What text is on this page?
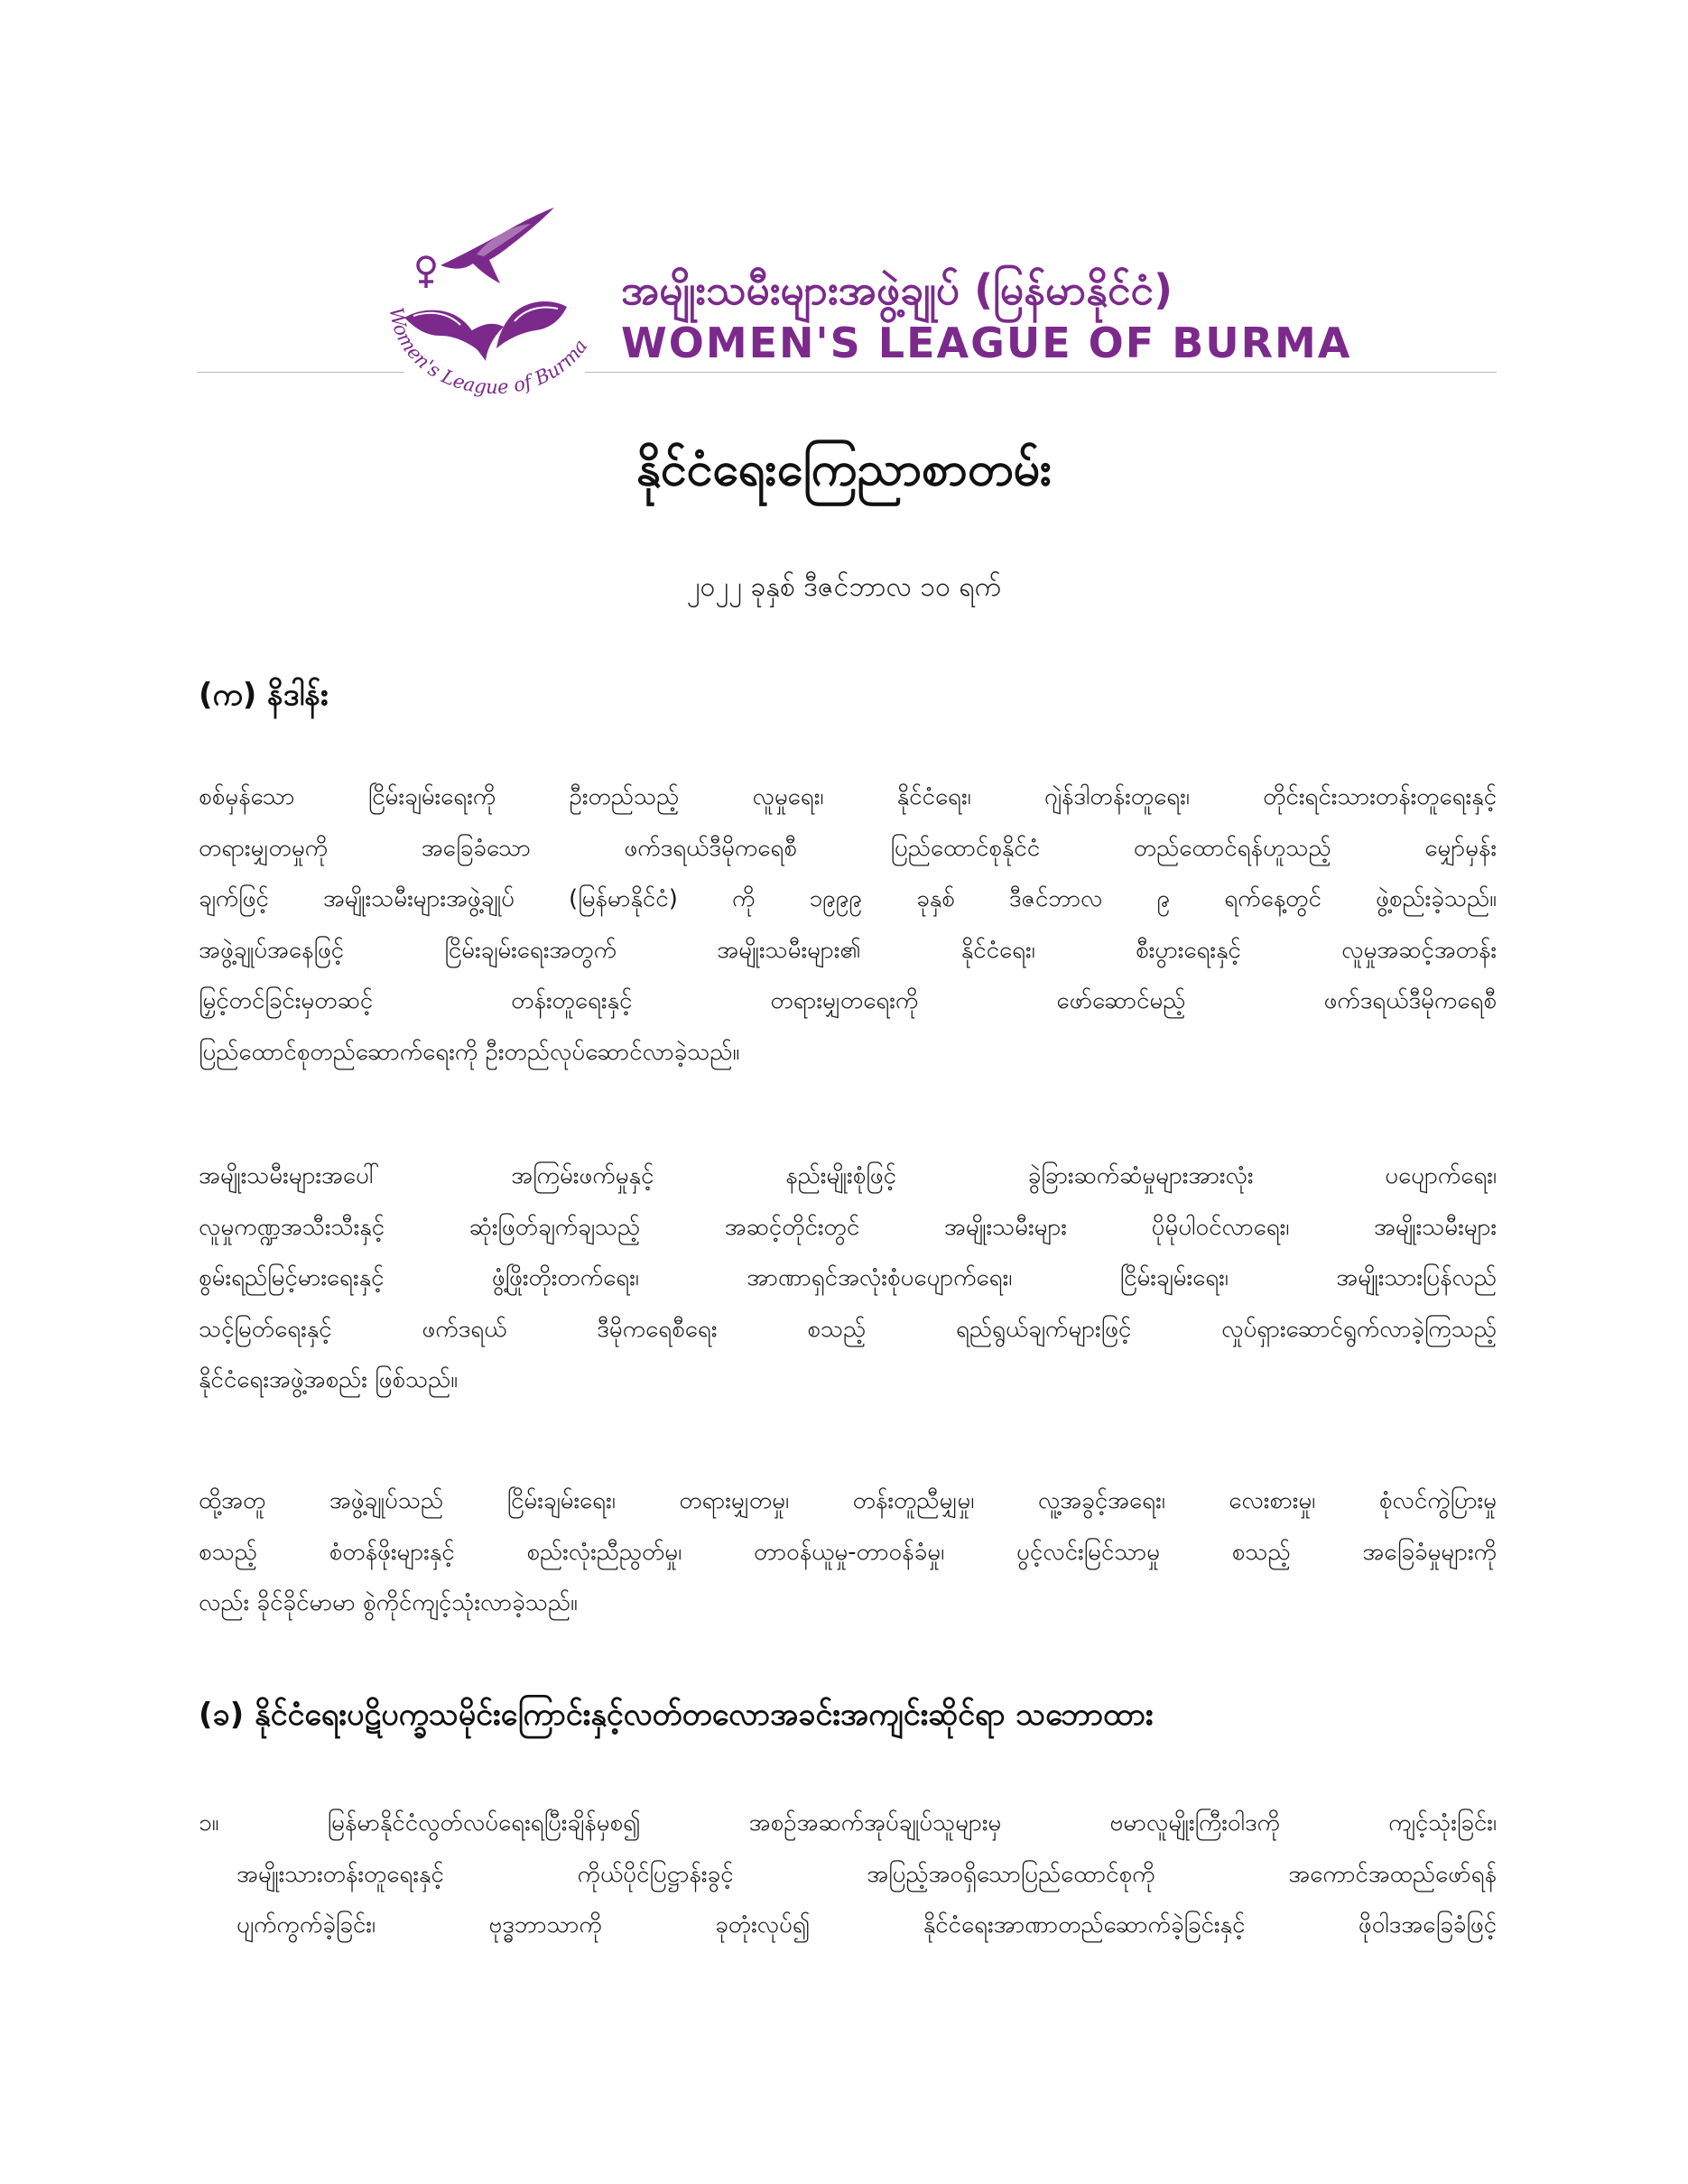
Women's League of Burma
အမျိုးသမီးများအဖွဲ့ချုပ် (မြန်မာနိုင်ငံ)
WOMEN'S LEAGUE OF BURMA
နိုင်ငံရေးကြေညာစာတမ်း
၂၀၂၂ ခုနှစ် ဒီဇင်ဘာလ ၁၀ ရက်
(က) နိဒါန်း
စစ်မှန်သော ငြိမ်းချမ်းရေးကို ဦးတည်သည့် လူမှုရေး၊ နိုင်ငံရေး၊ ဂျဲန်ဒါတန်းတူရေး၊ တိုင်းရင်းသားတန်းတူရေးနှင့်
တရားမျှတမှုကို အခြေခံသော ဖက်ဒရယ်ဒီမိုကရေစီ ပြည်ထောင်စုနိုင်ငံ တည်ထောင်ရန်ဟူသည့် မျှော်မှန်း
ချက်ဖြင့် အမျိုးသမီးများအဖွဲ့ချုပ် (မြန်မာနိုင်ငံ) ကို ၁၉၉၉ ခုနှစ် ဒီဇင်ဘာလ ၉ ရက်နေ့တွင် ဖွဲ့စည်းခဲ့သည်။
အဖွဲ့ချုပ်အနေဖြင့် ငြိမ်းချမ်းရေးအတွက် အမျိုးသမီးများ၏ နိုင်ငံရေး၊ စီးပွားရေးနှင့် လူမှုအဆင့်အတန်း
မြှင့်တင်ခြင်းမှတဆင့် တန်းတူရေးနှင့် တရားမျှတရေးကို ဖော်ဆောင်မည့် ဖက်ဒရယ်ဒီမိုကရေစီ
ပြည်ထောင်စုတည်ဆောက်ရေးကို ဦးတည်လုပ်ဆောင်လာခဲ့သည်။
အမျိုးသမီးများအပေါ် အကြမ်းဖက်မှုနှင့် နည်းမျိုးစုံဖြင့် ခွဲခြားဆက်ဆံမှုများအားလုံး ပပျောက်ရေး၊
လူမှုကဏ္ဍအသီးသီးနှင့် ဆုံးဖြတ်ချက်ချသည့် အဆင့်တိုင်းတွင် အမျိုးသမီးများ ပိုမိုပါဝင်လာရေး၊ အမျိုးသမီးများ
စွမ်းရည်မြင့်မားရေးနှင့် ဖွံ့ဖြိုးတိုးတက်ရေး၊ အာဏာရှင်အလုံးစုံပပျောက်ရေး၊ ငြိမ်းချမ်းရေး၊ အမျိုးသားပြန်လည်
သင့်မြတ်ရေးနှင့် ဖက်ဒရယ် ဒီမိုကရေစီရေး စသည့် ရည်ရွယ်ချက်များဖြင့် လှုပ်ရှားဆောင်ရွက်လာခဲ့ကြသည့်
နိုင်ငံရေးအဖွဲ့အစည်း ဖြစ်သည်။
ထို့အတူ အဖွဲ့ချုပ်သည် ငြိမ်းချမ်းရေး၊ တရားမျှတမှု၊ တန်းတူညီမျှမှု၊ လူ့အခွင့်အရေး၊ လေးစားမှု၊ စုံလင်ကွဲပြားမှု
စသည့် စံတန်ဖိုးများနှင့် စည်းလုံးညီညွတ်မှု၊ တာဝန်ယူမှု-တာဝန်ခံမှု၊ ပွင့်လင်းမြင်သာမှု စသည့် အခြေခံမှုများကို
လည်း ခိုင်ခိုင်မာမာ စွဲကိုင်ကျင့်သုံးလာခဲ့သည်။
(ခ) နိုင်ငံရေးပဋိပက္ခသမိုင်းကြောင်းနှင့်လတ်တလောအခင်းအကျင်းဆိုင်ရာ သဘောထား
၁။ မြန်မာနိုင်ငံလွတ်လပ်ရေးရပြီးချိန်မှစ၍ အစဉ်အဆက်အုပ်ချုပ်သူများမှ ဗမာလူမျိုးကြီးဝါဒကို ကျင့်သုံးခြင်း၊
အမျိုးသားတန်းတူရေးနှင့် ကိုယ်ပိုင်ပြဋ္ဌာန်းခွင့် အပြည့်အဝရှိသောပြည်ထောင်စုကို အကောင်အထည်ဖော်ရန်
ပျက်ကွက်ခဲ့ခြင်း၊ ဗုဒ္ဓဘာသာကို ခုတုံးလုပ်၍ နိုင်ငံရေးအာဏာတည်ဆောက်ခဲ့ခြင်းနှင့် ဖိုဝါဒအခြေခံဖြင့်
